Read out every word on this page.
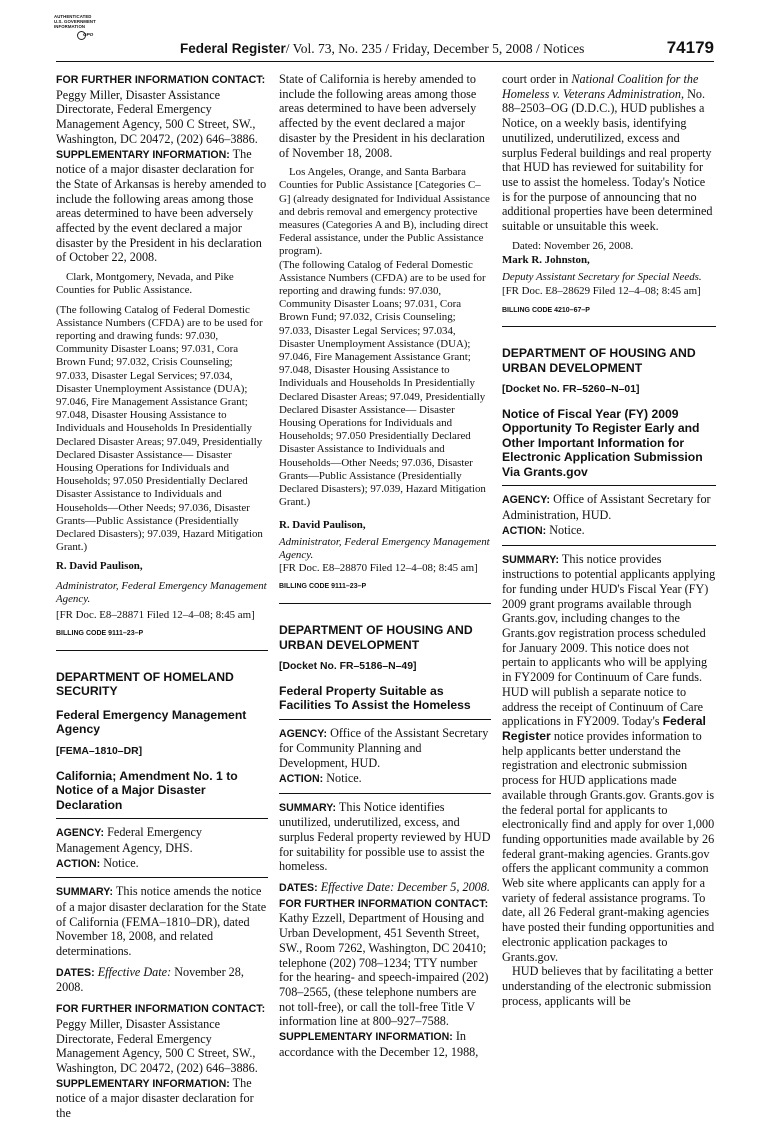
AUTHENTICATED
U.S. GOVERNMENT
INFORMATION
GPO
Federal Register/ Vol. 73, No. 235 / Friday, December 5, 2008 / Notices	74179

FOR FURTHER INFORMATION CONTACT:
Peggy Miller, Disaster Assistance Directorate, Federal Emergency Management Agency, 500 C Street, SW., Washington, DC 20472, (202) 646–3886.

SUPPLEMENTARY INFORMATION: The notice of a major disaster declaration for the State of Arkansas is hereby amended to include the following areas among those areas determined to have been adversely affected by the event declared a major disaster by the President in his declaration of October 22, 2008.

Clark, Montgomery, Nevada, and Pike Counties for Public Assistance.

(The following Catalog of Federal Domestic Assistance Numbers (CFDA) are to be used for reporting and drawing funds: 97.030, Community Disaster Loans; 97.031, Cora Brown Fund; 97.032, Crisis Counseling; 97.033, Disaster Legal Services; 97.034, Disaster Unemployment Assistance (DUA); 97.046, Fire Management Assistance Grant; 97.048, Disaster Housing Assistance to Individuals and Households In Presidentially Declared Disaster Areas; 97.049, Presidentially Declared Disaster Assistance— Disaster Housing Operations for Individuals and Households; 97.050 Presidentially Declared Disaster Assistance to Individuals and Households—Other Needs; 97.036, Disaster Grants—Public Assistance (Presidentially Declared Disasters); 97.039, Hazard Mitigation Grant.)

R. David Paulison,

Administrator, Federal Emergency Management Agency.

[FR Doc. E8–28871 Filed 12–4–08; 8:45 am]

BILLING CODE 9111–23–P

DEPARTMENT OF HOMELAND SECURITY

Federal Emergency Management Agency

[FEMA–1810–DR]

California; Amendment No. 1 to Notice of a Major Disaster Declaration

AGENCY: Federal Emergency Management Agency, DHS.

ACTION: Notice.

SUMMARY: This notice amends the notice of a major disaster declaration for the State of California (FEMA–1810–DR), dated November 18, 2008, and related determinations.

DATES: Effective Date: November 28, 2008.

FOR FURTHER INFORMATION CONTACT:
Peggy Miller, Disaster Assistance Directorate, Federal Emergency Management Agency, 500 C Street, SW., Washington, DC 20472, (202) 646–3886.

SUPPLEMENTARY INFORMATION: The notice of a major disaster declaration for the

State of California is hereby amended to include the following areas among those areas determined to have been adversely affected by the event declared a major disaster by the President in his declaration of November 18, 2008.

Los Angeles, Orange, and Santa Barbara Counties for Public Assistance [Categories C–G] (already designated for Individual Assistance and debris removal and emergency protective measures (Categories A and B), including direct Federal assistance, under the Public Assistance program).

(The following Catalog of Federal Domestic Assistance Numbers (CFDA) are to be used for reporting and drawing funds: 97.030, Community Disaster Loans; 97.031, Cora Brown Fund; 97.032, Crisis Counseling; 97.033, Disaster Legal Services; 97.034, Disaster Unemployment Assistance (DUA); 97.046, Fire Management Assistance Grant; 97.048, Disaster Housing Assistance to Individuals and Households In Presidentially Declared Disaster Areas; 97.049, Presidentially Declared Disaster Assistance— Disaster Housing Operations for Individuals and Households; 97.050 Presidentially Declared Disaster Assistance to Individuals and Households—Other Needs; 97.036, Disaster Grants—Public Assistance (Presidentially Declared Disasters); 97.039, Hazard Mitigation Grant.)

R. David Paulison,

Administrator, Federal Emergency Management Agency.

[FR Doc. E8–28870 Filed 12–4–08; 8:45 am]

BILLING CODE 9111–23–P

DEPARTMENT OF HOUSING AND URBAN DEVELOPMENT

[Docket No. FR–5186–N–49]

Federal Property Suitable as Facilities To Assist the Homeless

AGENCY: Office of the Assistant Secretary for Community Planning and Development, HUD.

ACTION: Notice.

SUMMARY: This Notice identifies unutilized, underutilized, excess, and surplus Federal property reviewed by HUD for suitability for possible use to assist the homeless.

DATES: Effective Date: December 5, 2008.

FOR FURTHER INFORMATION CONTACT:
Kathy Ezzell, Department of Housing and Urban Development, 451 Seventh Street, SW., Room 7262, Washington, DC 20410; telephone (202) 708–1234; TTY number for the hearing- and speech-impaired (202) 708–2565, (these telephone numbers are not toll-free), or call the toll-free Title V information line at 800–927–7588.

SUPPLEMENTARY INFORMATION: In accordance with the December 12, 1988,

court order in National Coalition for the Homeless v. Veterans Administration, No. 88–2503–OG (D.D.C.), HUD publishes a Notice, on a weekly basis, identifying unutilized, underutilized, excess and surplus Federal buildings and real property that HUD has reviewed for suitability for use to assist the homeless. Today's Notice is for the purpose of announcing that no additional properties have been determined suitable or unsuitable this week.

Dated: November 26, 2008.

Mark R. Johnston,

Deputy Assistant Secretary for Special Needs.

[FR Doc. E8–28629 Filed 12–4–08; 8:45 am]

BILLING CODE 4210–67–P

DEPARTMENT OF HOUSING AND URBAN DEVELOPMENT

[Docket No. FR–5260–N–01]

Notice of Fiscal Year (FY) 2009 Opportunity To Register Early and Other Important Information for Electronic Application Submission Via Grants.gov

AGENCY: Office of Assistant Secretary for Administration, HUD.

ACTION: Notice.

SUMMARY: This notice provides instructions to potential applicants applying for funding under HUD's Fiscal Year (FY) 2009 grant programs available through Grants.gov, including changes to the Grants.gov registration process scheduled for January 2009. This notice does not pertain to applicants who will be applying in FY2009 for Continuum of Care funds. HUD will publish a separate notice to address the receipt of Continuum of Care applications in FY2009. Today's Federal Register notice provides information to help applicants better understand the registration and electronic submission process for HUD applications made available through Grants.gov. Grants.gov is the federal portal for applicants to electronically find and apply for over 1,000 funding opportunities made available by 26 federal grant-making agencies. Grants.gov offers the applicant community a common Web site where applicants can apply for a variety of federal assistance programs. To date, all 26 Federal grant-making agencies have posted their funding opportunities and electronic application packages to Grants.gov.

HUD believes that by facilitating a better understanding of the electronic submission process, applicants will be
